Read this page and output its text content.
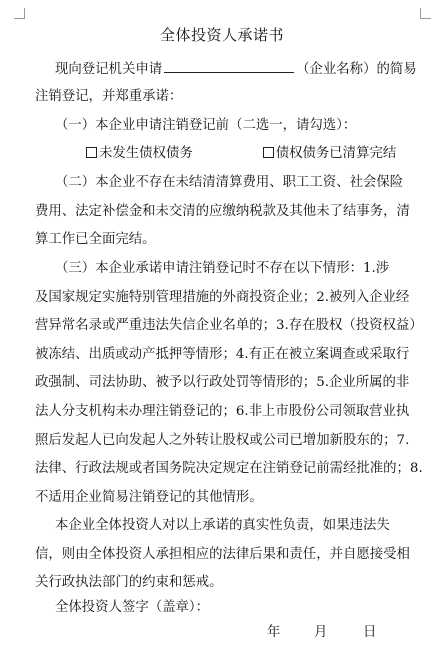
全体投资人承诺书
现向登记机关申请	（企业名称）的简易
注销登记，并郑重承诺：
（一）本企业申请注销登记前（二选一，请勾选）：
未发生债权债务	债权债务已清算完结
（二）本企业不存在未结清清算费用、职工工资、社会保险
费用、法定补偿金和未交清的应缴纳税款及其他未了结事务，清
算工作已全面完结。
（三）本企业承诺申请注销登记时不存在以下情形：1.涉
及国家规定实施特别管理措施的外商投资企业；2.被列入企业经
营异常名录或严重违法失信企业名单的；3.存在股权（投资权益）
被冻结、出质或动产抵押等情形；4.有正在被立案调查或采取行
政强制、司法协助、被予以行政处罚等情形的；5.企业所属的非
法人分支机构未办理注销登记的；6.非上市股份公司领取营业执
照后发起人已向发起人之外转让股权或公司已增加新股东的；7.
法律、行政法规或者国务院决定规定在注销登记前需经批准的；8.
不适用企业简易注销登记的其他情形。
本企业全体投资人对以上承诺的真实性负责，如果违法失
信，则由全体投资人承担相应的法律后果和责任，并自愿接受相
关行政执法部门的约束和惩戒。
全体投资人签字（盖章）：
年	月	日
